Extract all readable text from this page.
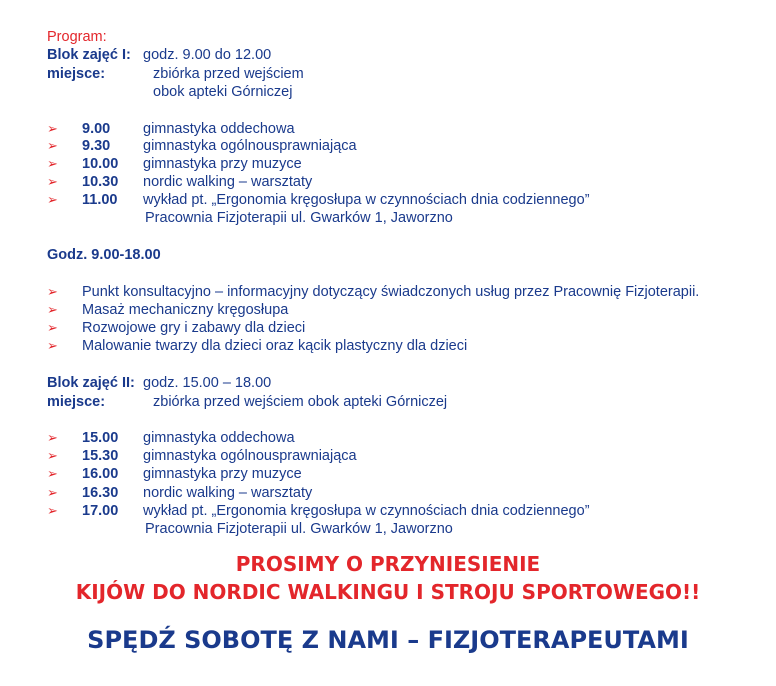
Program:
Blok zajęć I: godz. 9.00 do 12.00
miejsce:	zbiórka przed wejściem
obok apteki Górniczej
➢ 9.00 gimnastyka oddechowa
➢ 9.30 gimnastyka ogólnousprawniająca
➢ 10.00 gimnastyka przy muzyce
➢ 10.30 nordic walking – warsztaty
➢ 11.00 wykład pt. „Ergonomia kręgosłupa w czynnościach dnia codziennego”
Pracownia Fizjoterapii ul. Gwarków 1, Jaworzno
Godz. 9.00-18.00
➢ Punkt konsultacyjno – informacyjny dotyczący świadczonych usług przez Pracownię Fizjoterapii.
➢ Masaż mechaniczny kręgosłupa
➢ Rozwojowe gry i zabawy dla dzieci
➢ Malowanie twarzy dla dzieci oraz kącik plastyczny dla dzieci
Blok zajęć II: godz. 15.00 – 18.00
miejsce:	zbiórka przed wejściem obok apteki Górniczej
➢ 15.00 gimnastyka oddechowa
➢ 15.30 gimnastyka ogólnousprawniająca
➢ 16.00 gimnastyka przy muzyce
➢ 16.30 nordic walking – warsztaty
➢ 17.00 wykład pt. „Ergonomia kręgosłupa w czynnościach dnia codziennego”
Pracownia Fizjoterapii ul. Gwarków 1, Jaworzno
PROSIMY O PRZYNIESIENIE
KIJÓW DO NORDIC WALKINGU I STROJU SPORTOWEGO!!
SPĘDŹ SOBOTĘ Z NAMI – FIZJOTERAPEUTAMI
